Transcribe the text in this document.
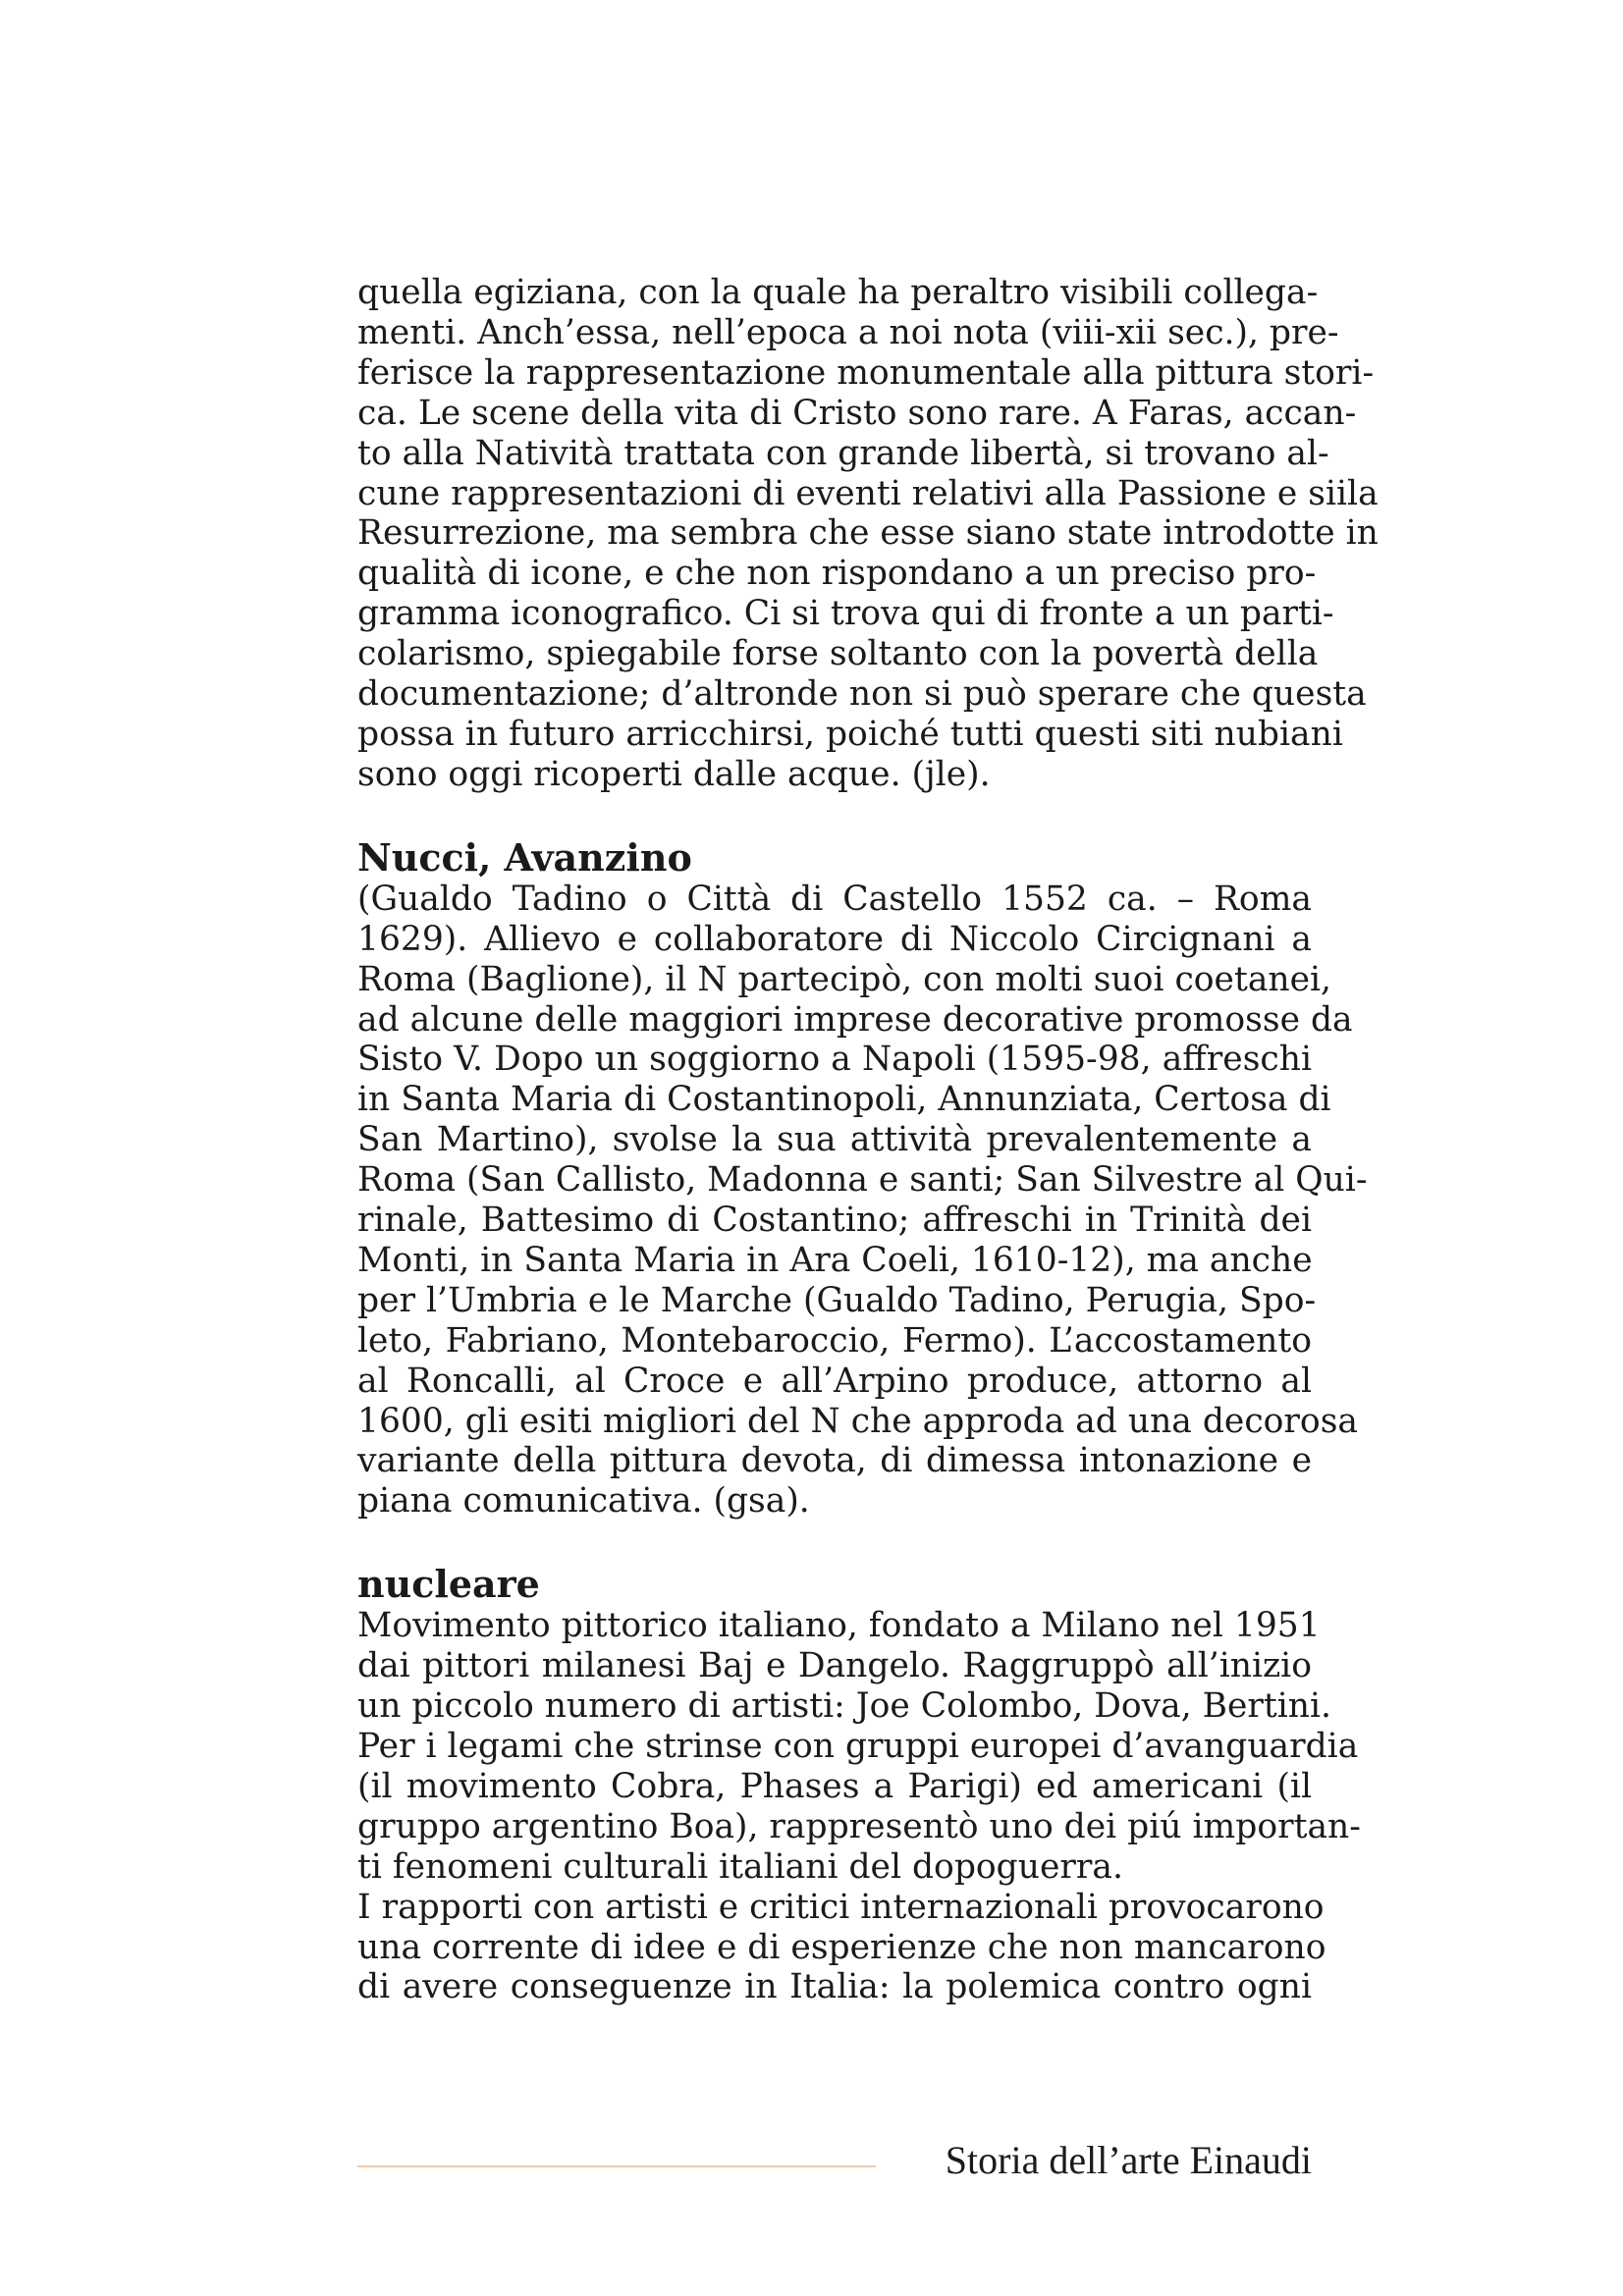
quella egiziana, con la quale ha peraltro visibili collega-
menti. Anch’essa, nell’epoca a noi nota (viii-xii sec.), pre-
ferisce la rappresentazione monumentale alla pittura stori-
ca. Le scene della vita di Cristo sono rare. A Faras, accan-
to alla Natività trattata con grande libertà, si trovano al-
cune rappresentazioni di eventi relativi alla Passione e siila
Resurrezione, ma sembra che esse siano state introdotte in
qualità di icone, e che non rispondano a un preciso pro-
gramma iconografico. Ci si trova qui di fronte a un parti-
colarismo, spiegabile forse soltanto con la povertà della
documentazione; d’altronde non si può sperare che questa
possa in futuro arricchirsi, poiché tutti questi siti nubiani
sono oggi ricoperti dalle acque. (jle).
Nucci, Avanzino
(Gualdo Tadino o Città di Castello 1552 ca. – Roma
1629). Allievo e collaboratore di Niccolo Circignani a
Roma (Baglione), il N partecipò, con molti suoi coetanei,
ad alcune delle maggiori imprese decorative promosse da
Sisto V. Dopo un soggiorno a Napoli (1595-98, affreschi
in Santa Maria di Costantinopoli, Annunziata, Certosa di
San Martino), svolse la sua attività prevalentemente a
Roma (San Callisto, Madonna e santi; San Silvestre al Qui-
rinale, Battesimo di Costantino; affreschi in Trinità dei
Monti, in Santa Maria in Ara Coeli, 1610-12), ma anche
per l’Umbria e le Marche (Gualdo Tadino, Perugia, Spo-
leto, Fabriano, Montebaroccio, Fermo). L’accostamento
al Roncalli, al Croce e all’Arpino produce, attorno al
1600, gli esiti migliori del N che approda ad una decorosa
variante della pittura devota, di dimessa intonazione e
piana comunicativa. (gsa).
nucleare
Movimento pittorico italiano, fondato a Milano nel 1951
dai pittori milanesi Baj e Dangelo. Raggruppò all’inizio
un piccolo numero di artisti: Joe Colombo, Dova, Bertini.
Per i legami che strinse con gruppi europei d’avanguardia
(il movimento Cobra, Phases a Parigi) ed americani (il
gruppo argentino Boa), rappresentò uno dei piú importan-
ti fenomeni culturali italiani del dopoguerra.
I rapporti con artisti e critici internazionali provocarono
una corrente di idee e di esperienze che non mancarono
di avere conseguenze in Italia: la polemica contro ogni
Storia dell’arte Einaudi
